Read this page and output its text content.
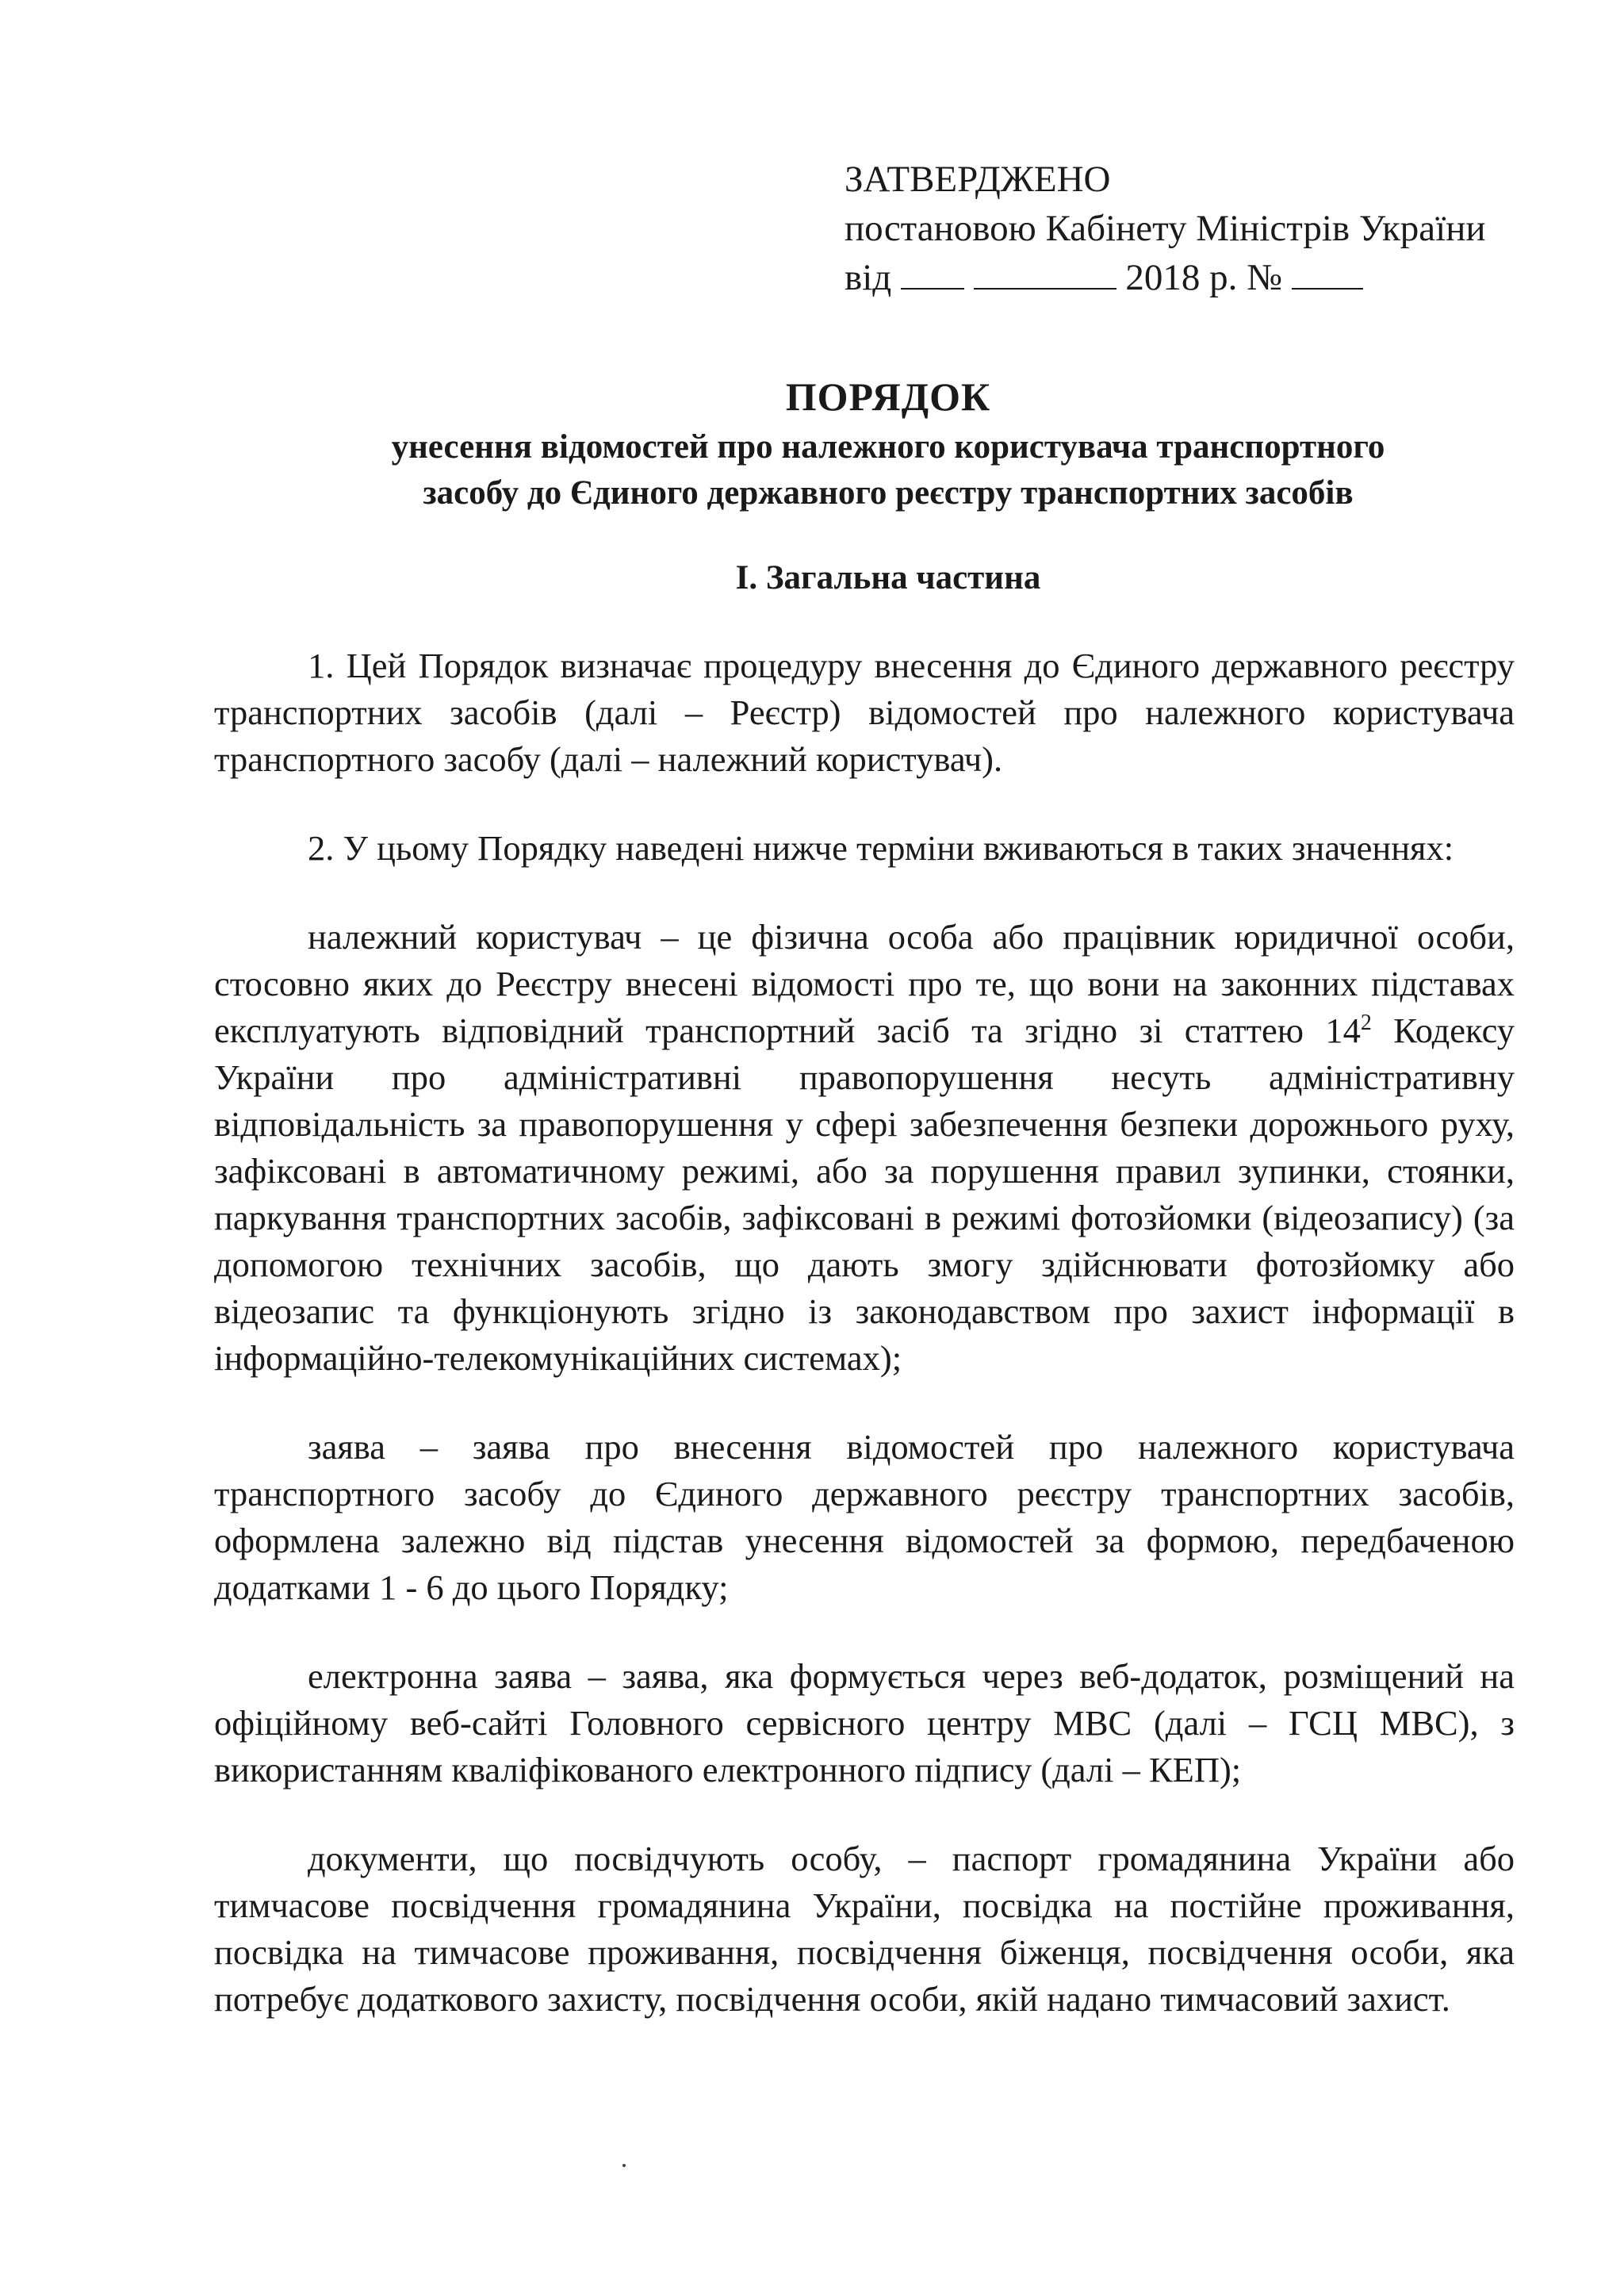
ЗАТВЕРДЖЕНО
постановою Кабінету Міністрів України
від	2018 р. №
ПОРЯДОК
унесення відомостей про належного користувача транспортного
засобу до Єдиного державного реєстру транспортних засобів
І. Загальна частина

1. Цей Порядок визначає процедуру внесення до Єдиного державного реєстру транспортних засобів (далі – Реєстр) відомостей про належного користувача транспортного засобу (далі – належний користувач).

2. У цьому Порядку наведені нижче терміни вживаються в таких значеннях:

належний користувач – це фізична особа або працівник юридичної особи, стосовно яких до Реєстру внесені відомості про те, що вони на законних підставах експлуатують відповідний транспортний засіб та згідно зі статтею $14^2$ Кодексу України про адміністративні правопорушення несуть адміністративну відповідальність за правопорушення у сфері забезпечення безпеки дорожнього руху, зафіксовані в автоматичному режимі, або за порушення правил зупинки, стоянки, паркування транспортних засобів, зафіксовані в режимі фотозйомки (відеозапису) (за допомогою технічних засобів, що дають змогу здійснювати фотозйомку або відеозапис та функціонують згідно із законодавством про захист інформації в інформаційно-телекомунікаційних системах);

заява – заява про внесення відомостей про належного користувача транспортного засобу до Єдиного державного реєстру транспортних засобів, оформлена залежно від підстав унесення відомостей за формою, передбаченою додатками 1 - 6 до цього Порядку;

електронна заява – заява, яка формується через веб-додаток, розміщений на офіційному веб-сайті Головного сервісного центру МВС (далі – ГСЦ МВС), з використанням кваліфікованого електронного підпису (далі – КЕП);

документи, що посвідчують особу, – паспорт громадянина України або тимчасове посвідчення громадянина України, посвідка на постійне проживання, посвідка на тимчасове проживання, посвідчення біженця, посвідчення особи, яка потребує додаткового захисту, посвідчення особи, якій надано тимчасовий захист.
